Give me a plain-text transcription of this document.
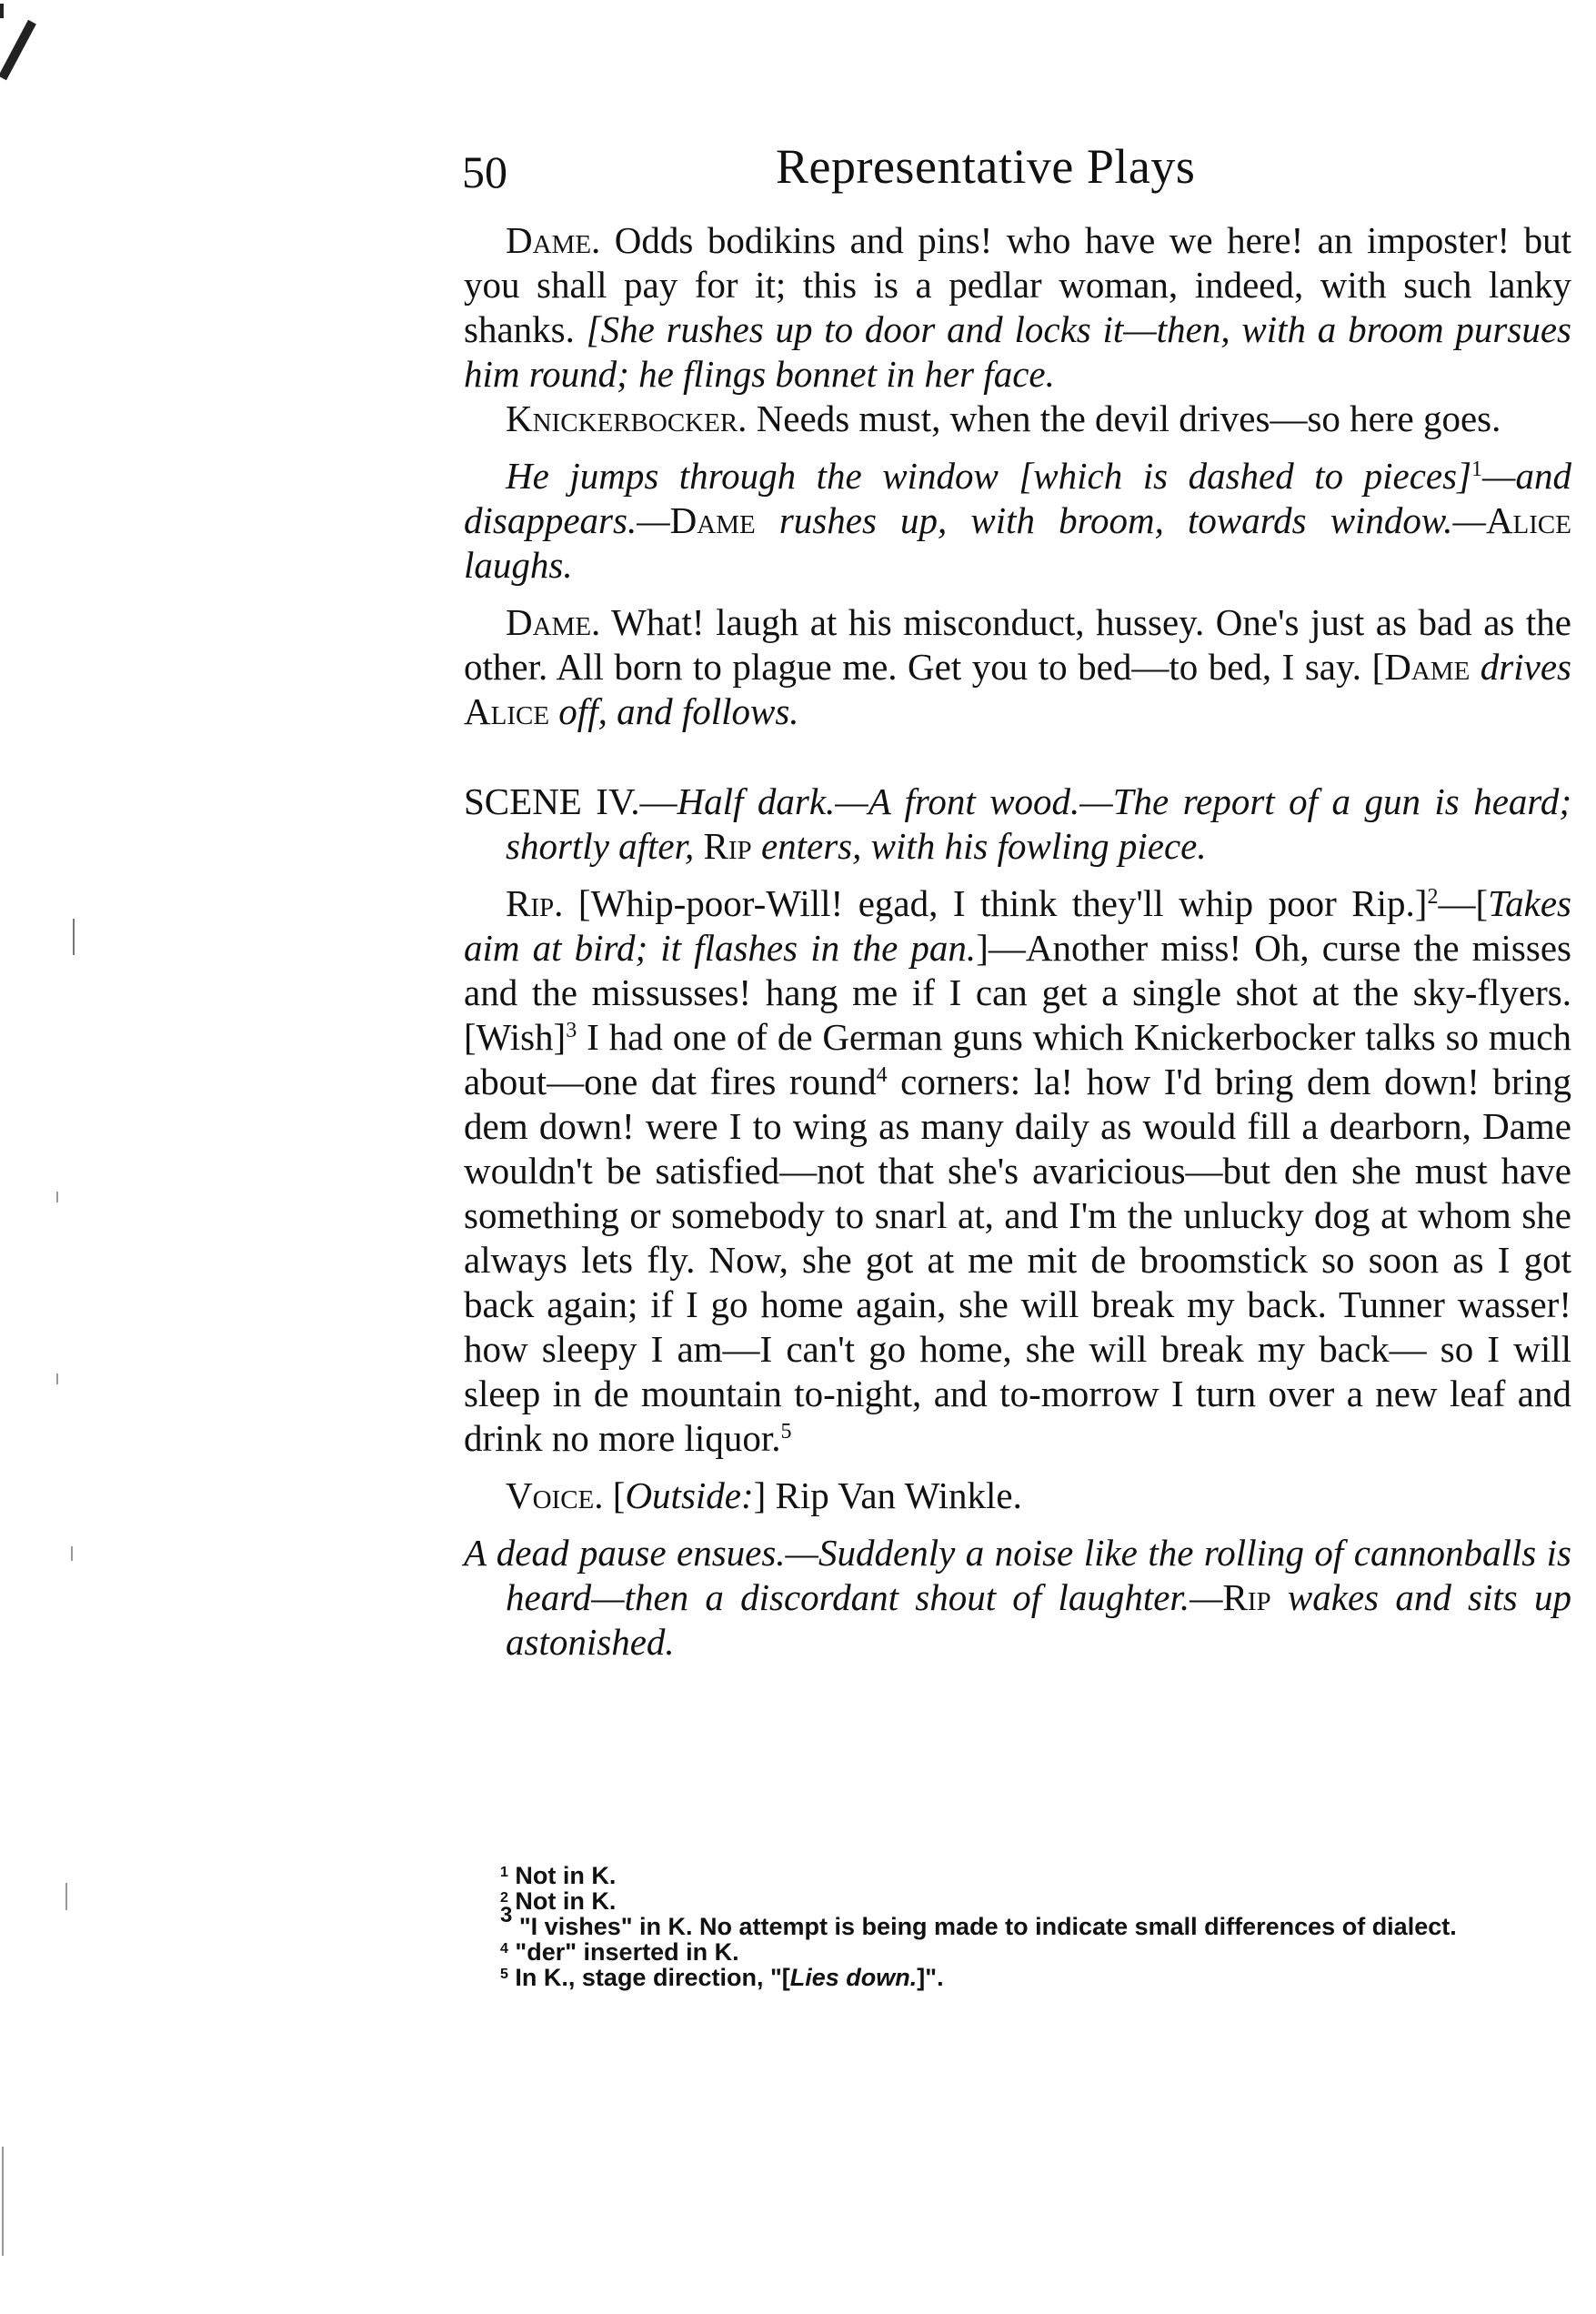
50	Representative Plays

Dame. Odds bodikins and pins! who have we here! an imposter! but you shall pay for it; this is a pedlar woman, indeed, with such lanky shanks. [She rushes up to door and locks it—then, with a broom pursues him round; he flings bonnet in her face.

Knickerbocker. Needs must, when the devil drives—so here goes.

He jumps through the window [which is dashed to pieces]$^1$—and disappears.—Dame rushes up, with broom, towards window.—Alice laughs.

Dame. What! laugh at his misconduct, hussey. One's just as bad as the other. All born to plague me. Get you to bed—to bed, I say. [Dame drives Alice off, and follows.

SCENE IV.—Half dark.—A front wood.—The report of a gun is heard; shortly after, Rip enters, with his fowling piece.

Rip. [Whip-poor-Will! egad, I think they'll whip poor Rip.]$^2$—[Takes aim at bird; it flashes in the pan.]—Another miss! Oh, curse the misses and the missusses! hang me if I can get a single shot at the sky-flyers. [Wish]$^3$ I had one of de German guns which Knickerbocker talks so much about—one dat fires round$^4$ corners: la! how I'd bring dem down! bring dem down! were I to wing as many daily as would fill a dearborn, Dame wouldn't be satisfied—not that she's avaricious—but den she must have something or somebody to snarl at, and I'm the unlucky dog at whom she always lets fly. Now, she got at me mit de broomstick so soon as I got back again; if I go home again, she will break my back. Tunner wasser! how sleepy I am—I can't go home, she will break my back— so I will sleep in de mountain to-night, and to-morrow I turn over a new leaf and drink no more liquor.$^5$

Voice. [Outside:] Rip Van Winkle.

A dead pause ensues.—Suddenly a noise like the rolling of cannonballs is heard—then a discordant shout of laughter.—Rip wakes and sits up astonished.

$^1$ Not in K.
$^2$ Not in K.
$^3$ "I vishes" in K. No attempt is being made to indicate small differences of dialect.
$^4$ "der" inserted in K.
$^5$ In K., stage direction, "[Lies down.]".
